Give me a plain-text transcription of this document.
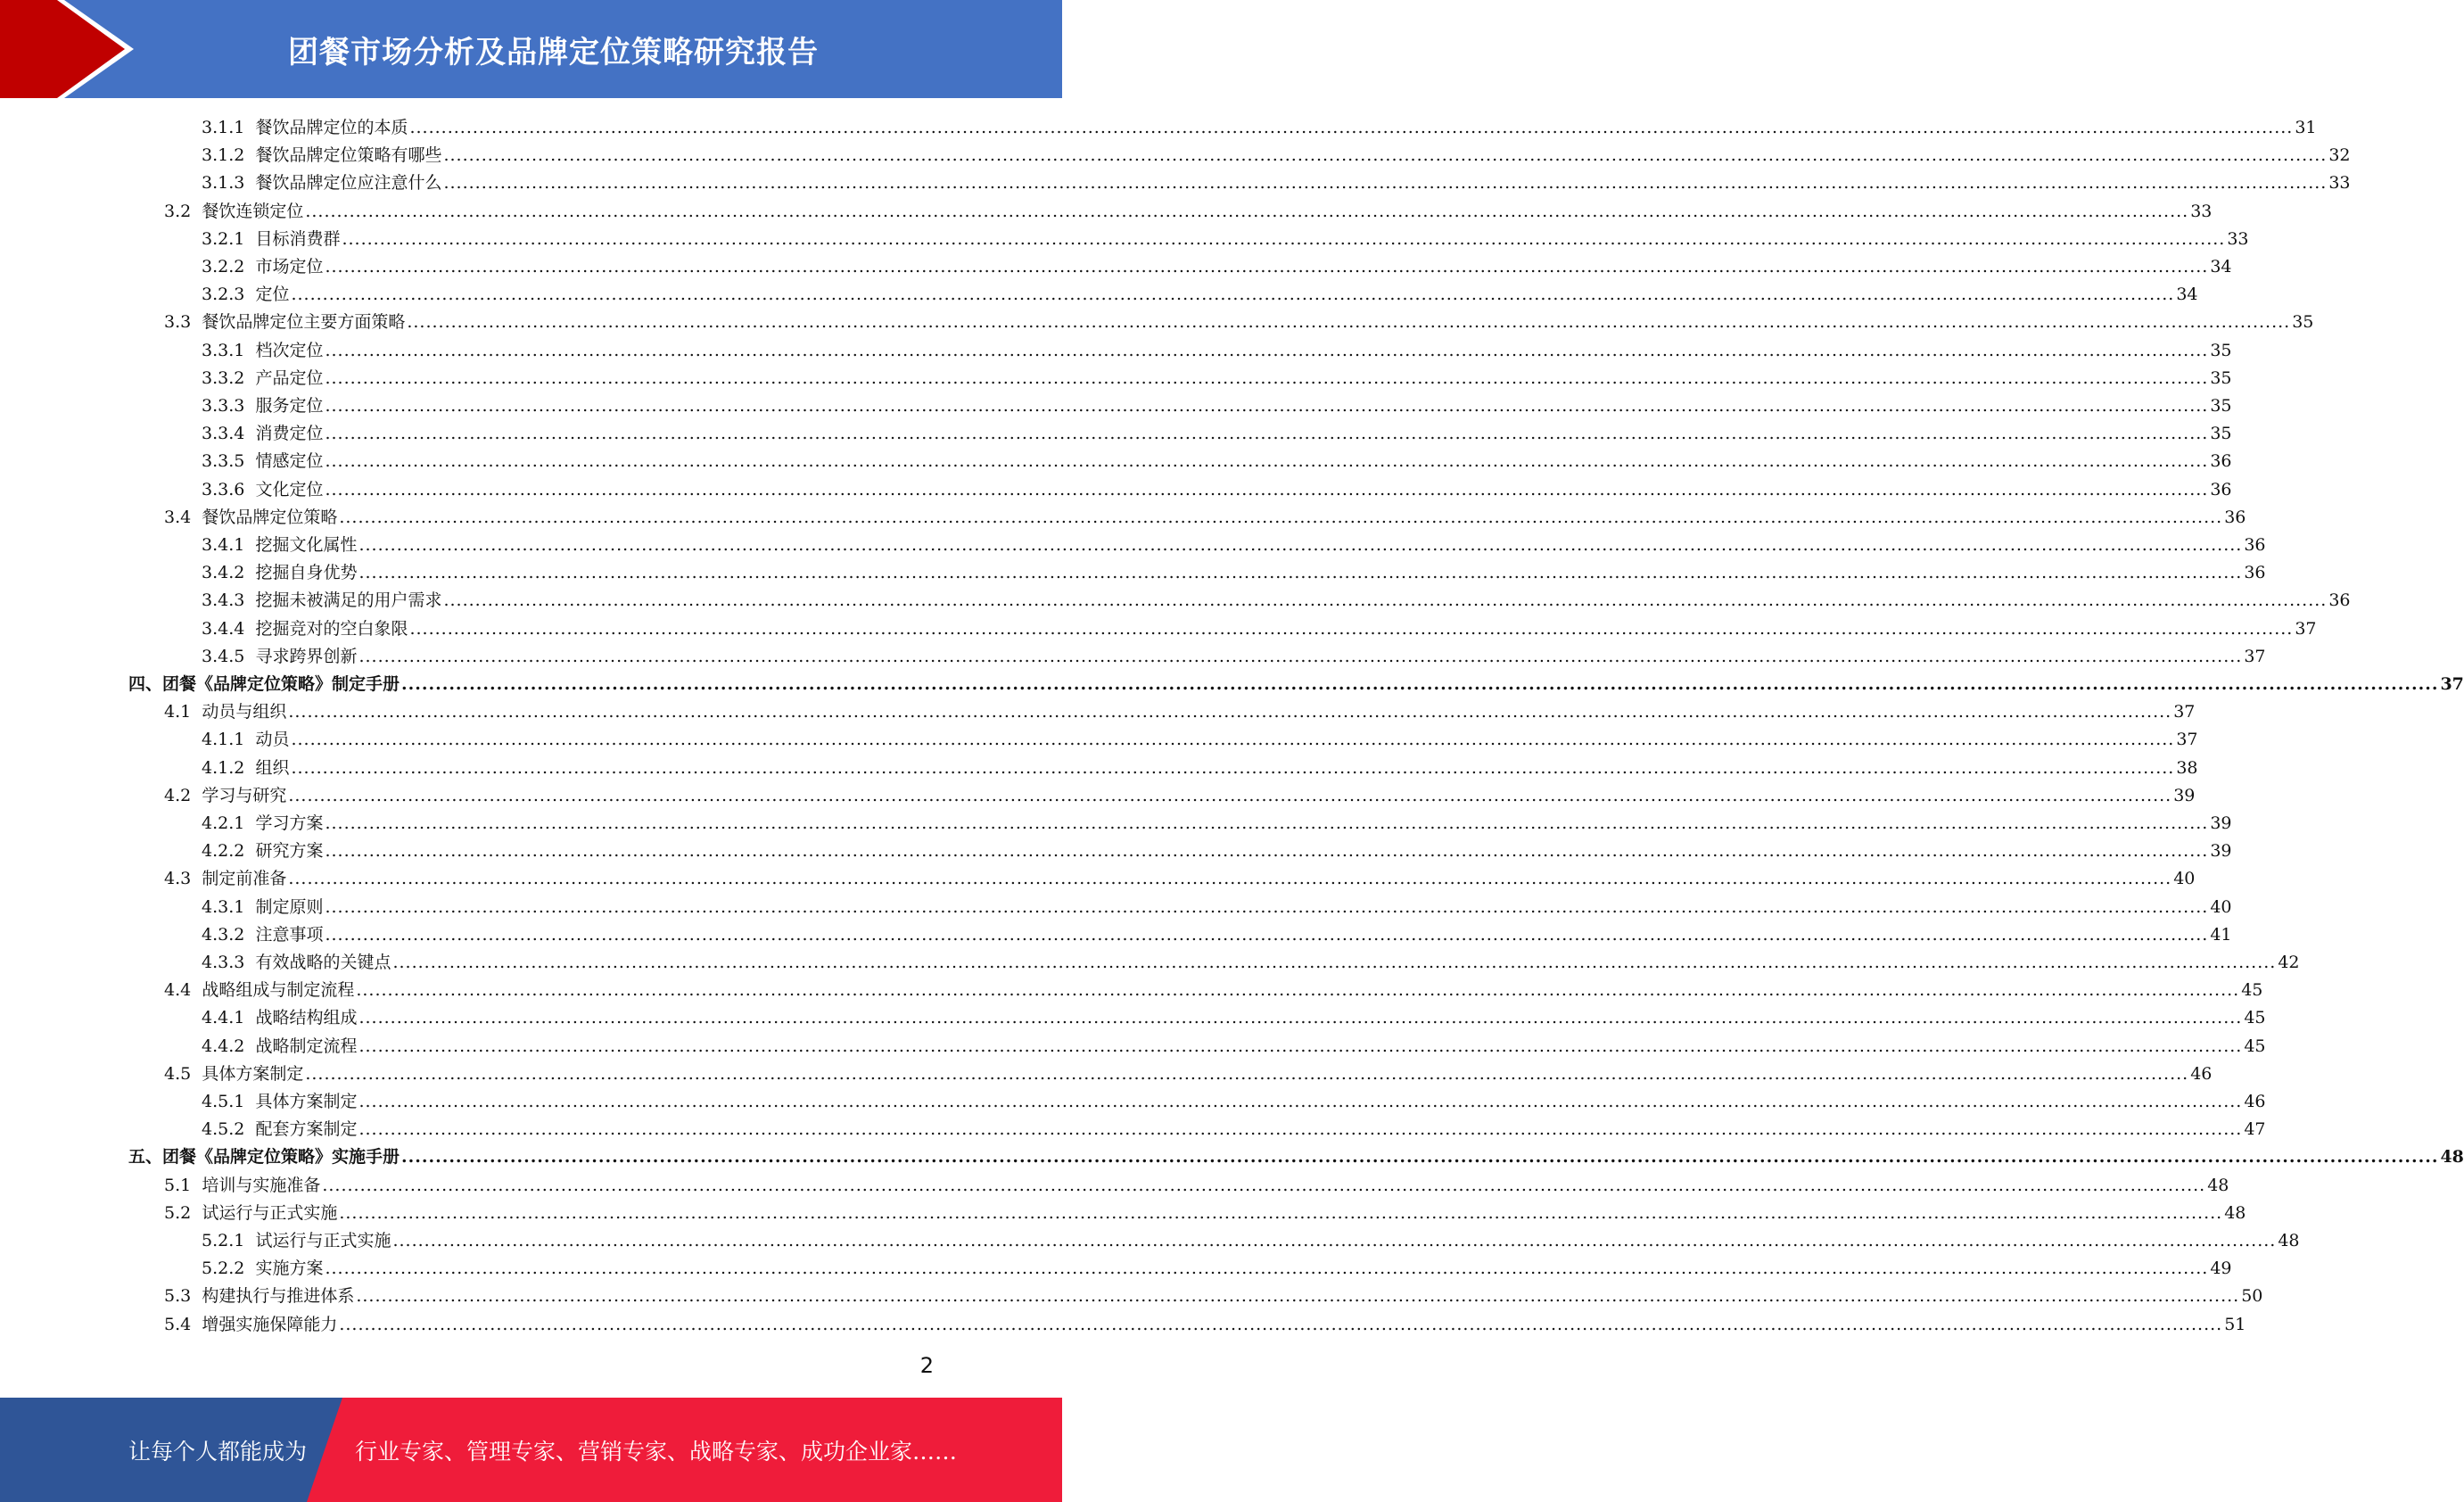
团餐市场分析及品牌定位策略研究报告
3.1.1
餐饮品牌定位的本质 ............................................................................................................................................................................................................................................................................................................ 31
3.1.2
餐饮品牌定位策略有哪些 ............................................................................................................................................................................................................................................................................................................ 32
3.1.3
餐饮品牌定位应注意什么 ............................................................................................................................................................................................................................................................................................................ 33
3.2
餐饮连锁定位 ............................................................................................................................................................................................................................................................................................................ 33
3.2.1
目标消费群 ............................................................................................................................................................................................................................................................................................................ 33
3.2.2
市场定位 ............................................................................................................................................................................................................................................................................................................ 34
3.2.3
定位 ............................................................................................................................................................................................................................................................................................................ 34
3.3
餐饮品牌定位主要方面策略 ............................................................................................................................................................................................................................................................................................................ 35
3.3.1
档次定位 ............................................................................................................................................................................................................................................................................................................ 35
3.3.2
产品定位 ............................................................................................................................................................................................................................................................................................................ 35
3.3.3
服务定位 ............................................................................................................................................................................................................................................................................................................ 35
3.3.4
消费定位 ............................................................................................................................................................................................................................................................................................................ 35
3.3.5
情感定位 ............................................................................................................................................................................................................................................................................................................ 36
3.3.6
文化定位 ............................................................................................................................................................................................................................................................................................................ 36
3.4
餐饮品牌定位策略 ............................................................................................................................................................................................................................................................................................................ 36
3.4.1
挖掘文化属性 ............................................................................................................................................................................................................................................................................................................ 36
3.4.2
挖掘自身优势 ............................................................................................................................................................................................................................................................................................................ 36
3.4.3
挖掘未被满足的用户需求 ............................................................................................................................................................................................................................................................................................................ 36
3.4.4
挖掘竞对的空白象限 ............................................................................................................................................................................................................................................................................................................ 37
3.4.5
寻求跨界创新 ............................................................................................................................................................................................................................................................................................................ 37
四、团餐《品牌定位策略》制定手册 ............................................................................................................................................................................................................................................................................................................ 37
4.1
动员与组织 ............................................................................................................................................................................................................................................................................................................ 37
4.1.1
动员 ............................................................................................................................................................................................................................................................................................................ 37
4.1.2
组织 ............................................................................................................................................................................................................................................................................................................ 38
4.2
学习与研究 ............................................................................................................................................................................................................................................................................................................ 39
4.2.1
学习方案 ............................................................................................................................................................................................................................................................................................................ 39
4.2.2
研究方案 ............................................................................................................................................................................................................................................................................................................ 39
4.3
制定前准备 ............................................................................................................................................................................................................................................................................................................ 40
4.3.1
制定原则 ............................................................................................................................................................................................................................................................................................................ 40
4.3.2
注意事项 ............................................................................................................................................................................................................................................................................................................ 41
4.3.3
有效战略的关键点 ............................................................................................................................................................................................................................................................................................................ 42
4.4
战略组成与制定流程 ............................................................................................................................................................................................................................................................................................................ 45
4.4.1
战略结构组成 ............................................................................................................................................................................................................................................................................................................ 45
4.4.2
战略制定流程 ............................................................................................................................................................................................................................................................................................................ 45
4.5
具体方案制定 ............................................................................................................................................................................................................................................................................................................ 46
4.5.1
具体方案制定 ............................................................................................................................................................................................................................................................................................................ 46
4.5.2
配套方案制定 ............................................................................................................................................................................................................................................................................................................ 47
五、团餐《品牌定位策略》实施手册 ............................................................................................................................................................................................................................................................................................................ 48
5.1
培训与实施准备 ............................................................................................................................................................................................................................................................................................................ 48
5.2
试运行与正式实施 ............................................................................................................................................................................................................................................................................................................ 48
5.2.1
试运行与正式实施 ............................................................................................................................................................................................................................................................................................................ 48
5.2.2
实施方案 ............................................................................................................................................................................................................................................................................................................ 49
5.3
构建执行与推进体系 ............................................................................................................................................................................................................................................................................................................ 50
5.4
增强实施保障能力 ............................................................................................................................................................................................................................................................................................................ 51
2
让每个人都能成为 行业专家、管理专家、营销专家、战略专家、成功企业家……
